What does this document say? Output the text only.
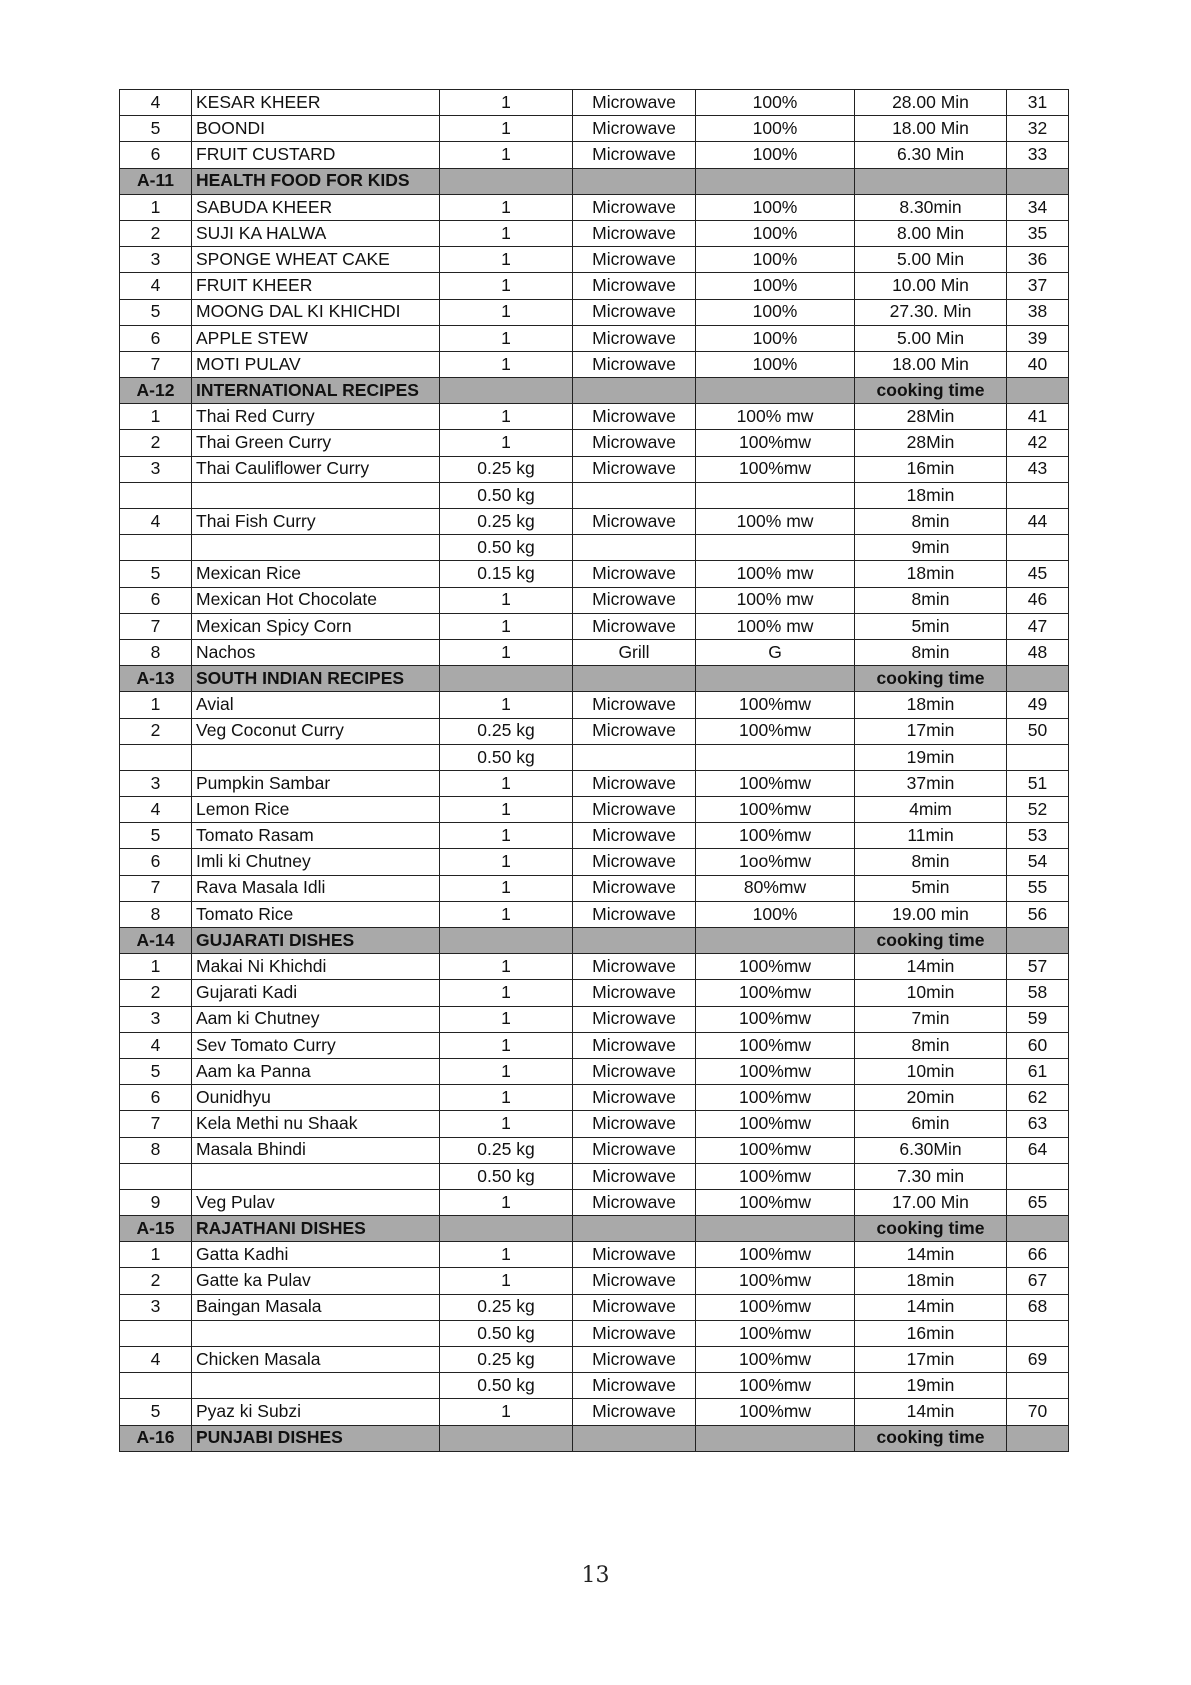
4	KESAR KHEER	1	Microwave	100%	28.00 Min	31
5	BOONDI	1	Microwave	100%	18.00 Min	32
6	FRUIT CUSTARD	1	Microwave	100%	6.30 Min	33
A-11	HEALTH FOOD FOR KIDS					
1	SABUDA KHEER	1	Microwave	100%	8.30min	34
2	SUJI KA HALWA	1	Microwave	100%	8.00 Min	35
3	SPONGE WHEAT CAKE	1	Microwave	100%	5.00 Min	36
4	FRUIT KHEER	1	Microwave	100%	10.00 Min	37
5	MOONG DAL KI KHICHDI	1	Microwave	100%	27.30. Min	38
6	APPLE STEW	1	Microwave	100%	5.00 Min	39
7	MOTI PULAV	1	Microwave	100%	18.00 Min	40
A-12	INTERNATIONAL RECIPES				cooking time	
1	Thai Red Curry	1	Microwave	100% mw	28Min	41
2	Thai Green Curry	1	Microwave	100%mw	28Min	42
3	Thai Cauliflower Curry	0.25 kg	Microwave	100%mw	16min	43
		0.50 kg			18min	
4	Thai Fish Curry	0.25 kg	Microwave	100% mw	8min	44
		0.50 kg			9min	
5	Mexican Rice	0.15 kg	Microwave	100% mw	18min	45
6	Mexican Hot Chocolate	1	Microwave	100% mw	8min	46
7	Mexican Spicy Corn	1	Microwave	100% mw	5min	47
8	Nachos	1	Grill	G	8min	48
A-13	SOUTH INDIAN RECIPES				cooking time	
1	Avial	1	Microwave	100%mw	18min	49
2	Veg Coconut Curry	0.25 kg	Microwave	100%mw	17min	50
		0.50 kg			19min	
3	Pumpkin Sambar	1	Microwave	100%mw	37min	51
4	Lemon Rice	1	Microwave	100%mw	4mim	52
5	Tomato Rasam	1	Microwave	100%mw	11min	53
6	Imli ki Chutney	1	Microwave	1oo%mw	8min	54
7	Rava Masala Idli	1	Microwave	80%mw	5min	55
8	Tomato Rice	1	Microwave	100%	19.00 min	56
A-14	GUJARATI DISHES				cooking time	
1	Makai Ni Khichdi	1	Microwave	100%mw	14min	57
2	Gujarati Kadi	1	Microwave	100%mw	10min	58
3	Aam ki Chutney	1	Microwave	100%mw	7min	59
4	Sev Tomato Curry	1	Microwave	100%mw	8min	60
5	Aam ka Panna	1	Microwave	100%mw	10min	61
6	Ounidhyu	1	Microwave	100%mw	20min	62
7	Kela Methi nu Shaak	1	Microwave	100%mw	6min	63
8	Masala Bhindi	0.25 kg	Microwave	100%mw	6.30Min	64
		0.50 kg	Microwave	100%mw	7.30 min	
9	Veg Pulav	1	Microwave	100%mw	17.00 Min	65
A-15	RAJATHANI DISHES				cooking time	
1	Gatta Kadhi	1	Microwave	100%mw	14min	66
2	Gatte ka Pulav	1	Microwave	100%mw	18min	67
3	Baingan Masala	0.25 kg	Microwave	100%mw	14min	68
		0.50 kg	Microwave	100%mw	16min	
4	Chicken Masala	0.25 kg	Microwave	100%mw	17min	69
		0.50 kg	Microwave	100%mw	19min	
5	Pyaz ki Subzi	1	Microwave	100%mw	14min	70
A-16	PUNJABI DISHES				cooking time	
13
